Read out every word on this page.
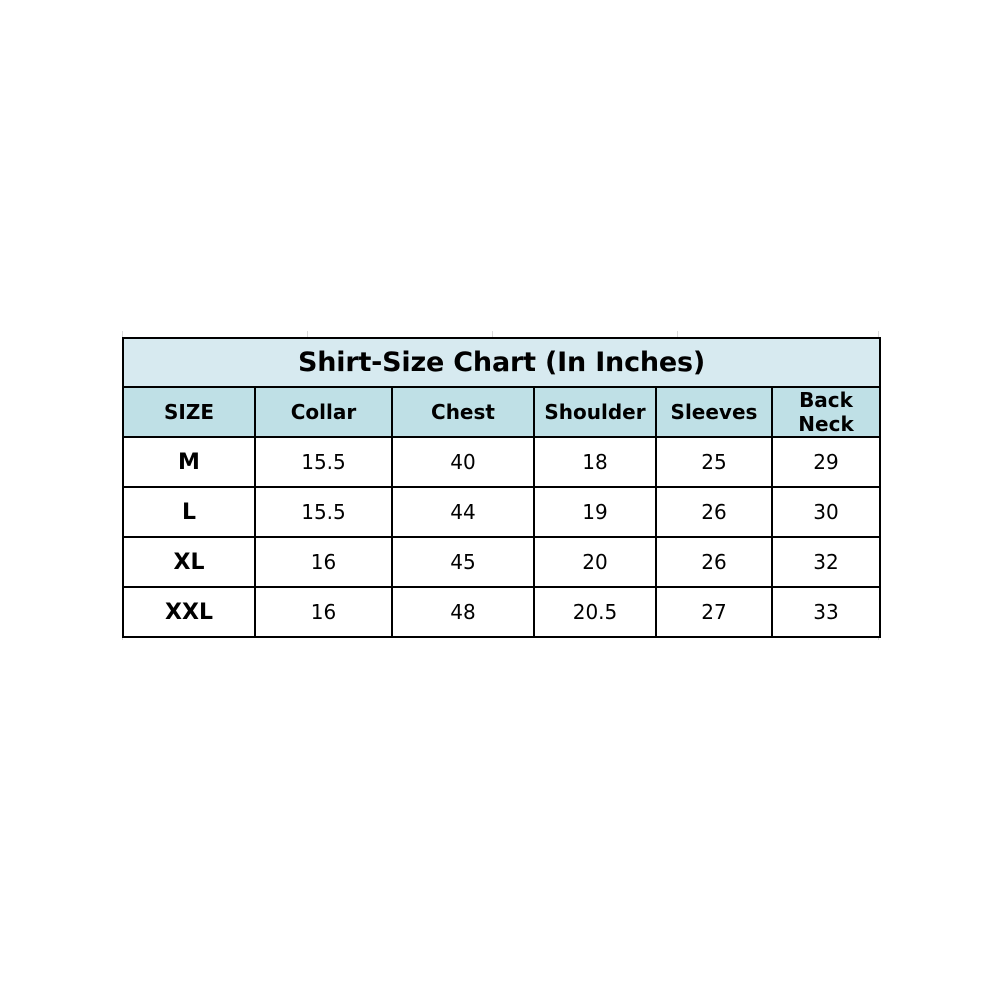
Shirt-Size Chart (In Inches)					
SIZE	Collar	Chest	Shoulder	Sleeves	Back Neck
M	15.5	40	18	25	29
L	15.5	44	19	26	30
XL	16	45	20	26	32
XXL	16	48	20.5	27	33
